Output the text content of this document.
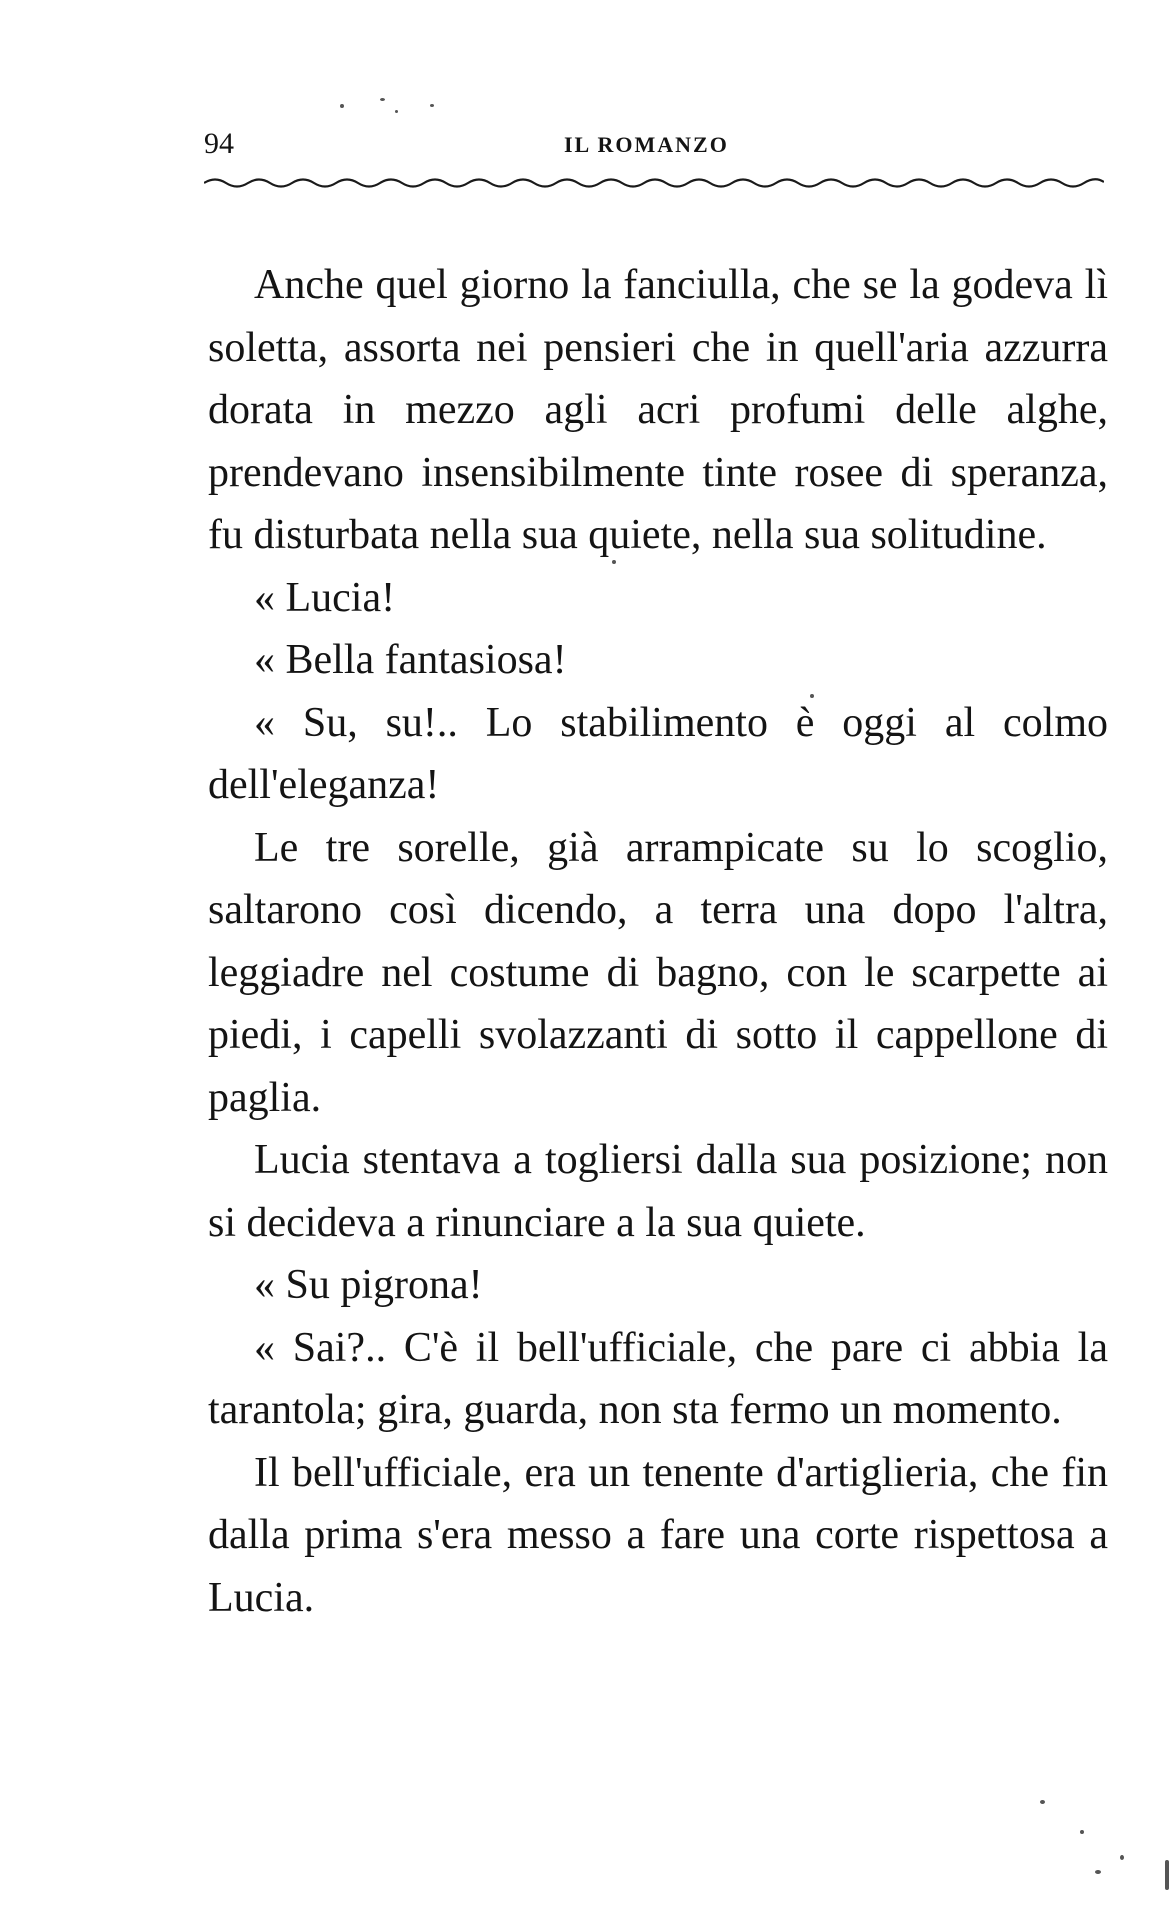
94	IL ROMANZO

Anche quel giorno la fanciulla, che se la godeva lì soletta, assorta nei pensieri che in quell'aria azzurra dorata in mezzo agli acri profumi delle alghe, prendevano insensibilmente tinte rosee di speranza, fu disturbata nella sua quiete, nella sua solitudine.

« Lucia!

« Bella fantasiosa!

« Su, su!.. Lo stabilimento è oggi al colmo dell'eleganza!

Le tre sorelle, già arrampicate su lo scoglio, saltarono così dicendo, a terra una dopo l'altra, leggiadre nel costume di bagno, con le scarpette ai piedi, i capelli svolazzanti di sotto il cappellone di paglia.

Lucia stentava a togliersi dalla sua posizione; non si decideva a rinunciare a la sua quiete.

« Su pigrona!

« Sai?.. C'è il bell'ufficiale, che pare ci abbia la tarantola; gira, guarda, non sta fermo un momento.

Il bell'ufficiale, era un tenente d'artiglieria, che fin dalla prima s'era messo a fare una corte rispettosa a Lucia.
